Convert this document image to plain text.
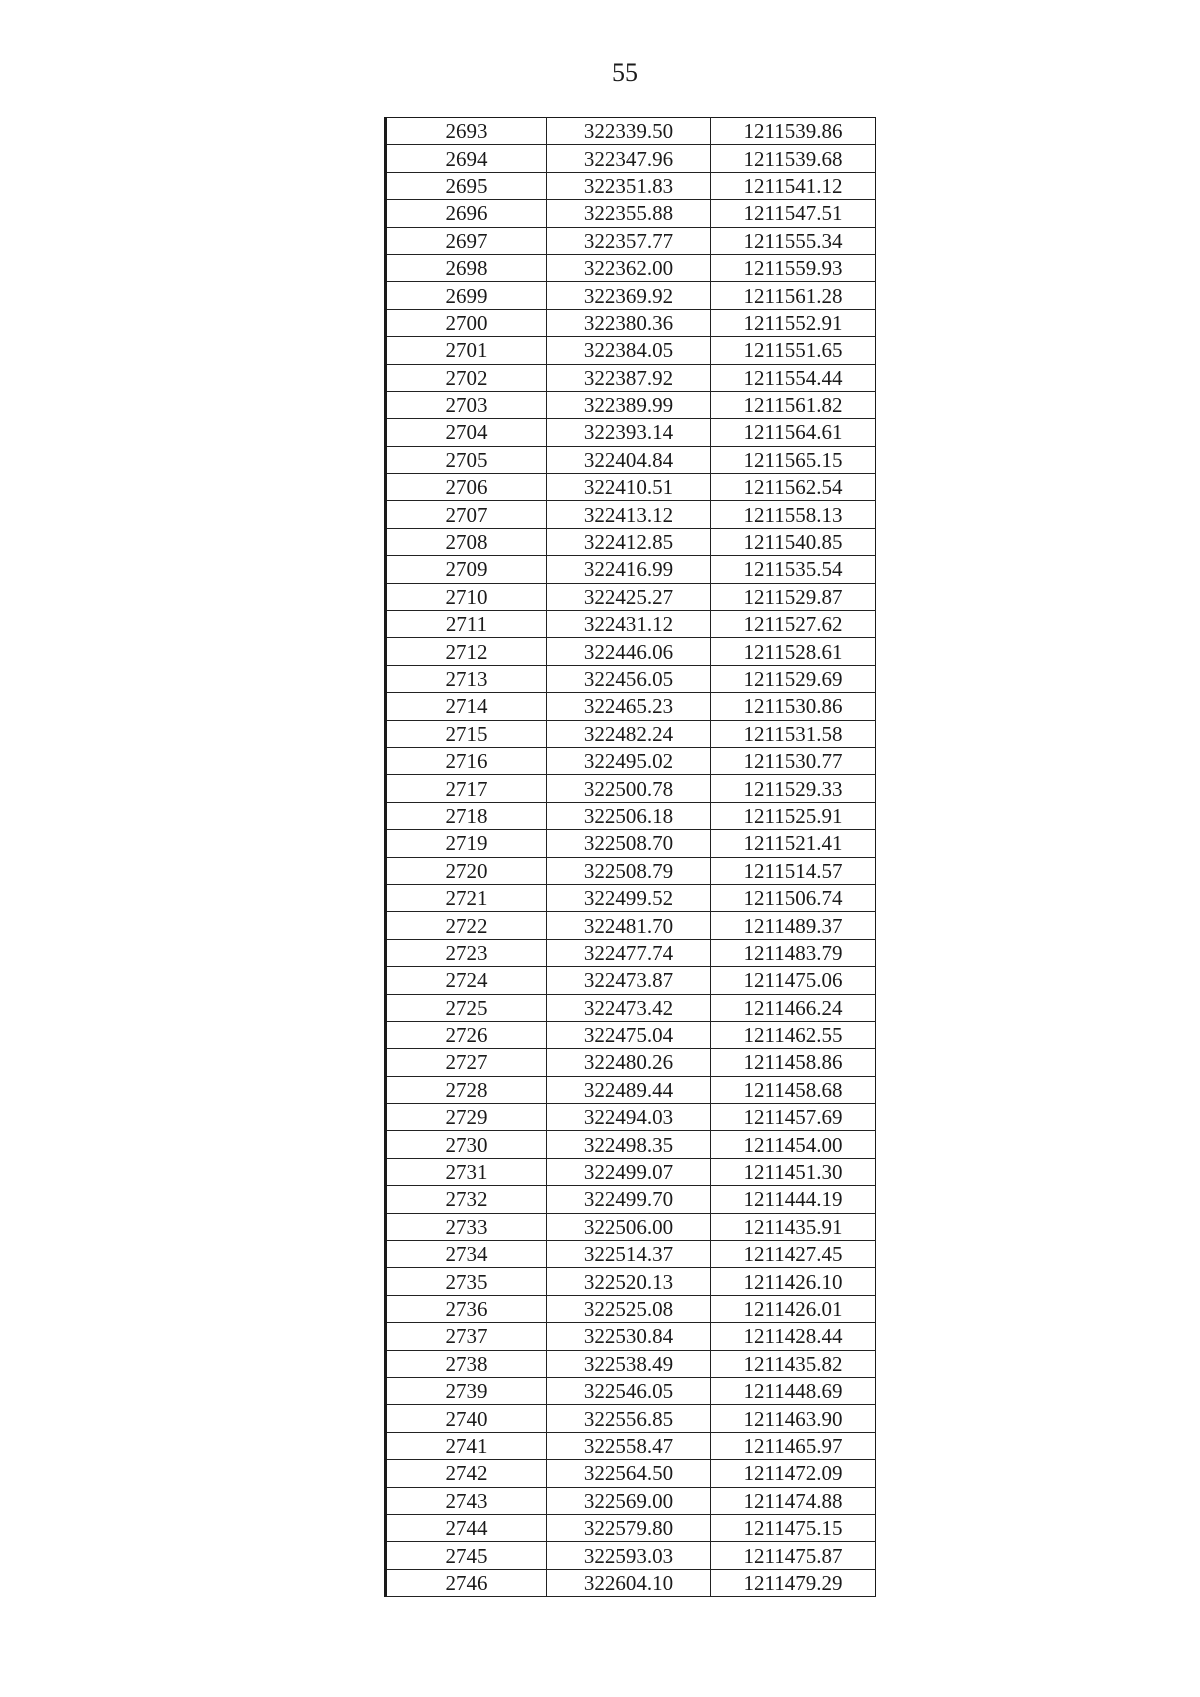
55
2693	322339.50	1211539.86
2694	322347.96	1211539.68
2695	322351.83	1211541.12
2696	322355.88	1211547.51
2697	322357.77	1211555.34
2698	322362.00	1211559.93
2699	322369.92	1211561.28
2700	322380.36	1211552.91
2701	322384.05	1211551.65
2702	322387.92	1211554.44
2703	322389.99	1211561.82
2704	322393.14	1211564.61
2705	322404.84	1211565.15
2706	322410.51	1211562.54
2707	322413.12	1211558.13
2708	322412.85	1211540.85
2709	322416.99	1211535.54
2710	322425.27	1211529.87
2711	322431.12	1211527.62
2712	322446.06	1211528.61
2713	322456.05	1211529.69
2714	322465.23	1211530.86
2715	322482.24	1211531.58
2716	322495.02	1211530.77
2717	322500.78	1211529.33
2718	322506.18	1211525.91
2719	322508.70	1211521.41
2720	322508.79	1211514.57
2721	322499.52	1211506.74
2722	322481.70	1211489.37
2723	322477.74	1211483.79
2724	322473.87	1211475.06
2725	322473.42	1211466.24
2726	322475.04	1211462.55
2727	322480.26	1211458.86
2728	322489.44	1211458.68
2729	322494.03	1211457.69
2730	322498.35	1211454.00
2731	322499.07	1211451.30
2732	322499.70	1211444.19
2733	322506.00	1211435.91
2734	322514.37	1211427.45
2735	322520.13	1211426.10
2736	322525.08	1211426.01
2737	322530.84	1211428.44
2738	322538.49	1211435.82
2739	322546.05	1211448.69
2740	322556.85	1211463.90
2741	322558.47	1211465.97
2742	322564.50	1211472.09
2743	322569.00	1211474.88
2744	322579.80	1211475.15
2745	322593.03	1211475.87
2746	322604.10	1211479.29
